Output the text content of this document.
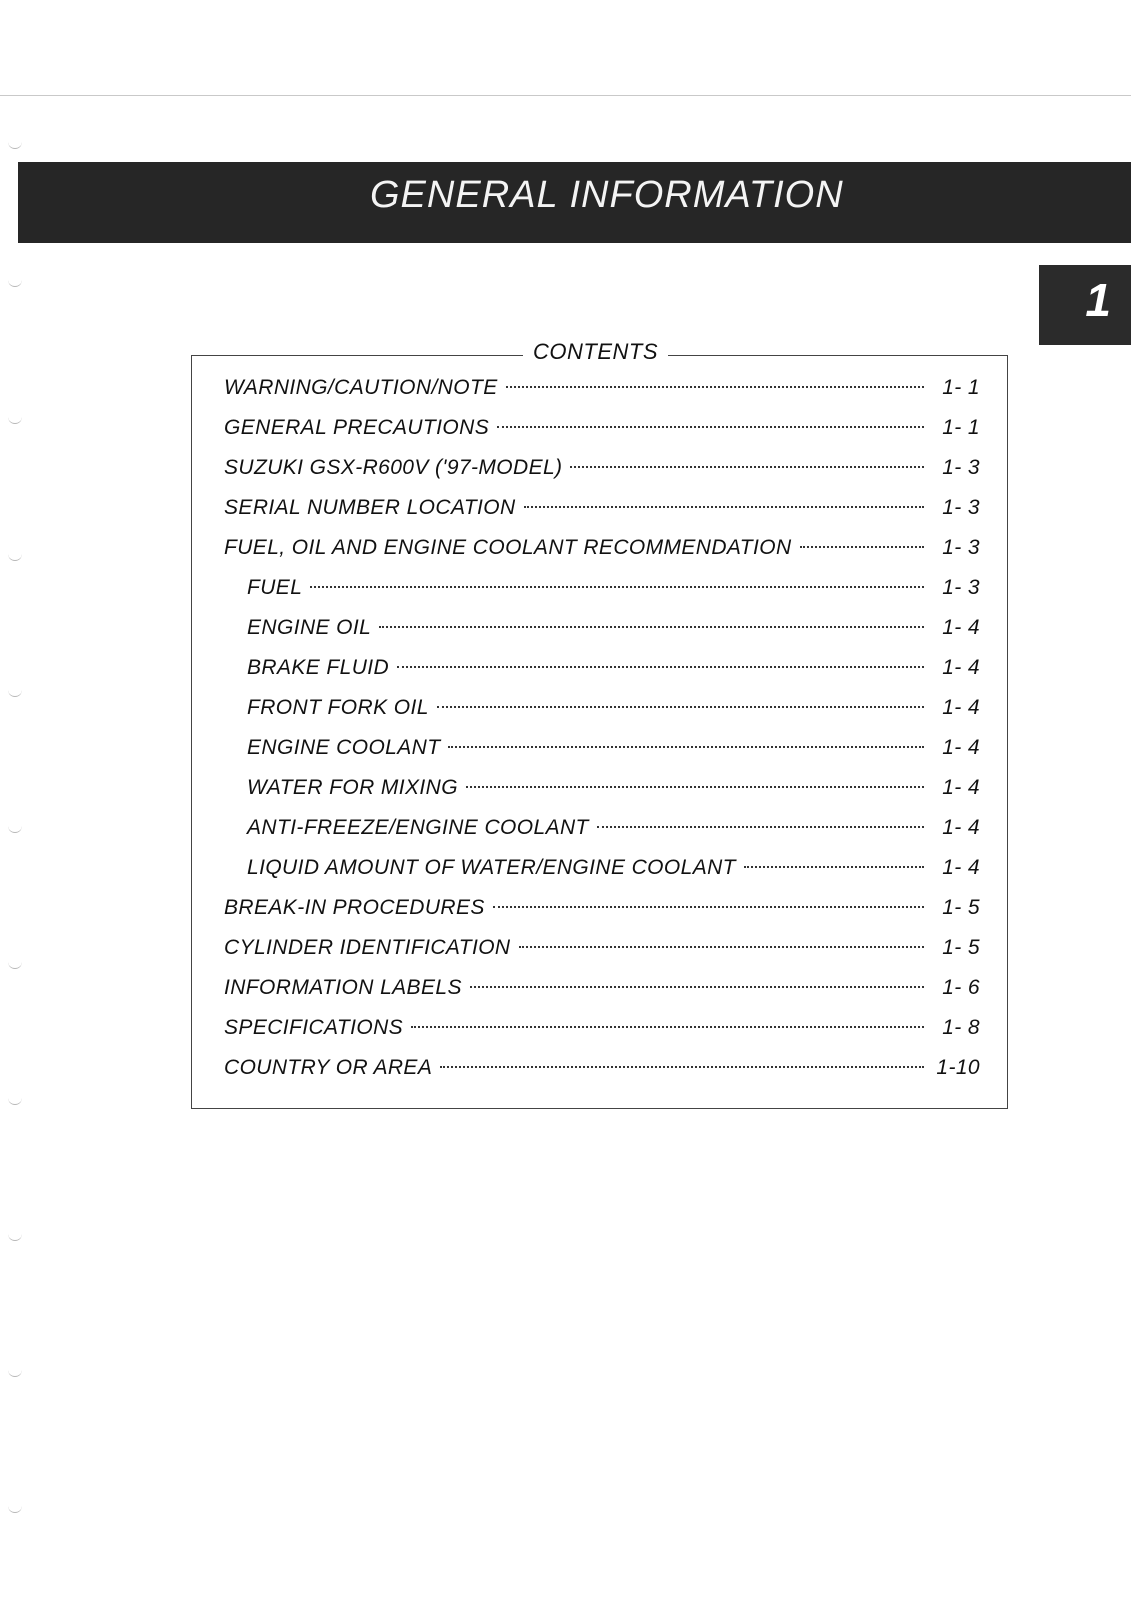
GENERAL INFORMATION
1
CONTENTS
WARNING/CAUTION/NOTE	1- 1
GENERAL PRECAUTIONS	1- 1
SUZUKI GSX-R600V ('97-MODEL)	1- 3
SERIAL NUMBER LOCATION	1- 3
FUEL, OIL AND ENGINE COOLANT RECOMMENDATION	1- 3
FUEL	1- 3
ENGINE OIL	1- 4
BRAKE FLUID	1- 4
FRONT FORK OIL	1- 4
ENGINE COOLANT	1- 4
WATER FOR MIXING	1- 4
ANTI-FREEZE/ENGINE COOLANT	1- 4
LIQUID AMOUNT OF WATER/ENGINE COOLANT	1- 4
BREAK-IN PROCEDURES	1- 5
CYLINDER IDENTIFICATION	1- 5
INFORMATION LABELS	1- 6
SPECIFICATIONS	1- 8
COUNTRY OR AREA	1-10
